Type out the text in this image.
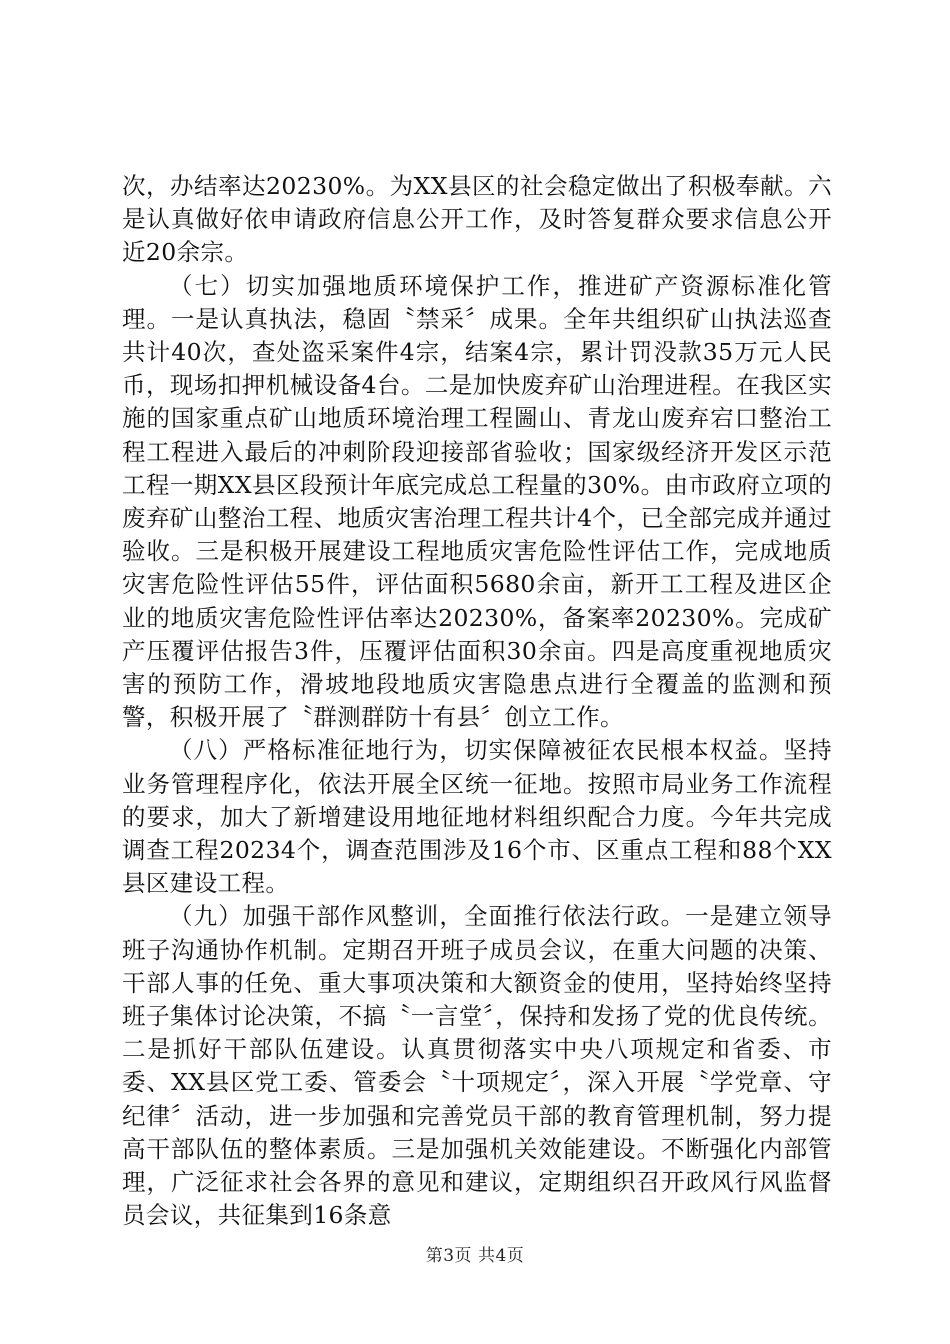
次，办结率达20230%。为XX县区的社会稳定做出了积极奉献。六是认真做好依申请政府信息公开工作，及时答复群众要求信息公开近20余宗。

（七）切实加强地质环境保护工作，推进矿产资源标准化管理。一是认真执法，稳固〝禁采〞成果。全年共组织矿山执法巡查共计40次，查处盗采案件4宗，结案4宗，累计罚没款35万元人民币，现场扣押机械设备4台。二是加快废弃矿山治理进程。在我区实施的国家重点矿山地质环境治理工程圌山、青龙山废弃宕口整治工程工程进入最后的冲刺阶段迎接部省验收；国家级经济开发区示范工程一期XX县区段预计年底完成总工程量的30%。由市政府立项的废弃矿山整治工程、地质灾害治理工程共计4个，已全部完成并通过验收。三是积极开展建设工程地质灾害危险性评估工作，完成地质灾害危险性评估55件，评估面积5680余亩，新开工工程及进区企业的地质灾害危险性评估率达20230%，备案率20230%。完成矿产压覆评估报告3件，压覆评估面积30余亩。四是高度重视地质灾害的预防工作，滑坡地段地质灾害隐患点进行全覆盖的监测和预警，积极开展了〝群测群防十有县〞创立工作。

（八）严格标准征地行为，切实保障被征农民根本权益。坚持业务管理程序化，依法开展全区统一征地。按照市局业务工作流程的要求，加大了新增建设用地征地材料组织配合力度。今年共完成调查工程20234个，调查范围涉及16个市、区重点工程和88个XX县区建设工程。

（九）加强干部作风整训，全面推行依法行政。一是建立领导班子沟通协作机制。定期召开班子成员会议，在重大问题的决策、干部人事的任免、重大事项决策和大额资金的使用，坚持始终坚持班子集体讨论决策，不搞〝一言堂〞，保持和发扬了党的优良传统。二是抓好干部队伍建设。认真贯彻落实中央八项规定和省委、市委、XX县区党工委、管委会〝十项规定〞，深入开展〝学党章、守纪律〞活动，进一步加强和完善党员干部的教育管理机制，努力提高干部队伍的整体素质。三是加强机关效能建设。不断强化内部管理，广泛征求社会各界的意见和建议，定期组织召开政风行风监督员会议，共征集到16条意

第3页 共4页
